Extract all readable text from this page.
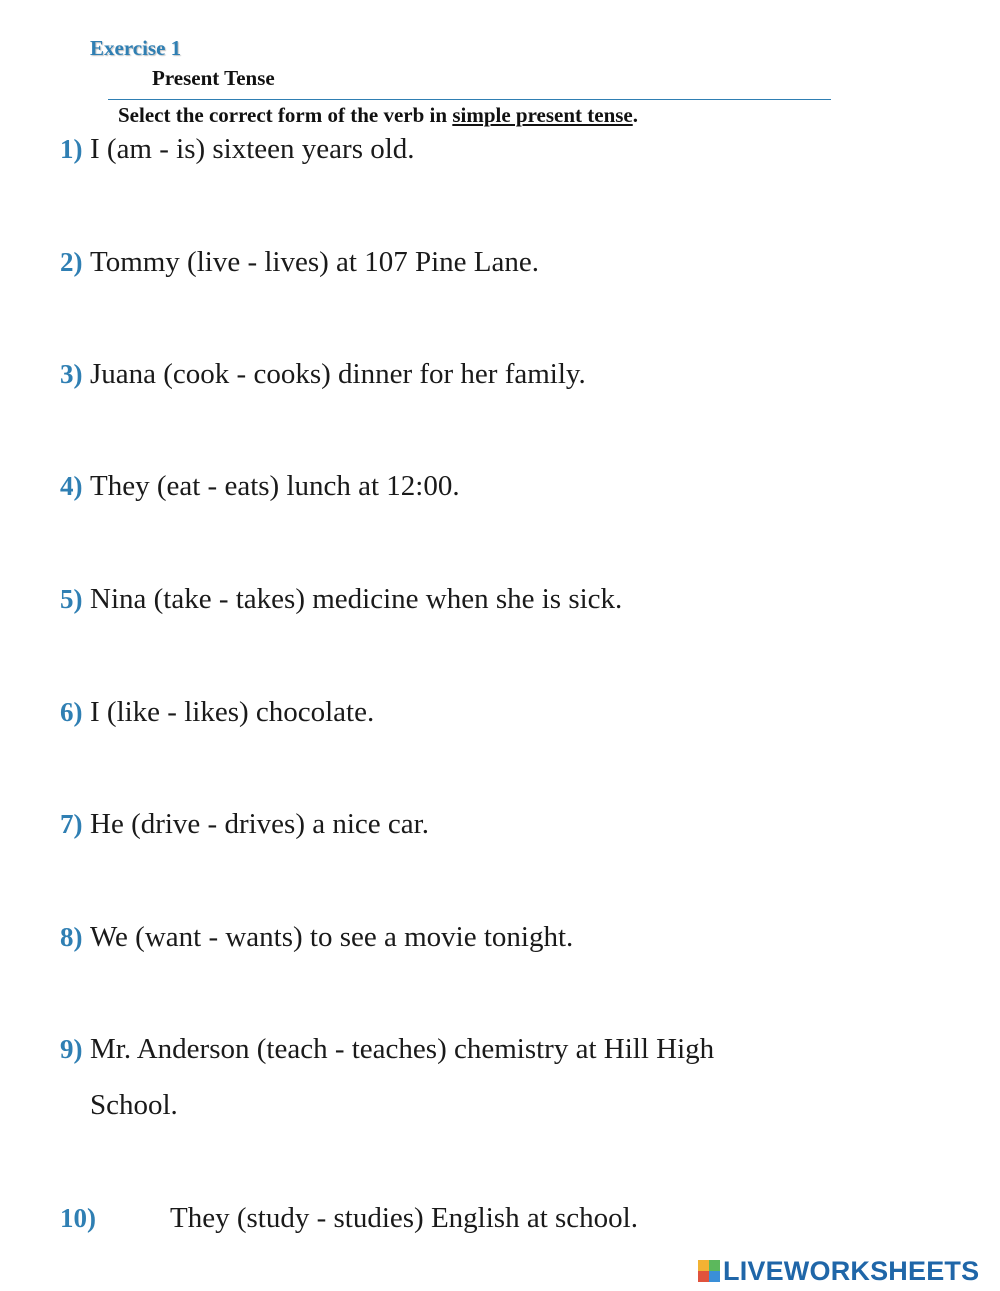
Exercise 1
Present Tense
Select the correct form of the verb in simple present tense.
1) I (am - is) sixteen years old.
2) Tommy (live - lives) at 107 Pine Lane.
3) Juana (cook - cooks) dinner for her family.
4) They (eat - eats) lunch at 12:00.
5) Nina (take - takes) medicine when she is sick.
6) I (like - likes) chocolate.
7) He (drive - drives) a nice car.
8) We (want - wants) to see a movie tonight.
9) Mr. Anderson (teach - teaches) chemistry at Hill High
School.
10)	They (study - studies) English at school.
LIVEWORKSHEETS
